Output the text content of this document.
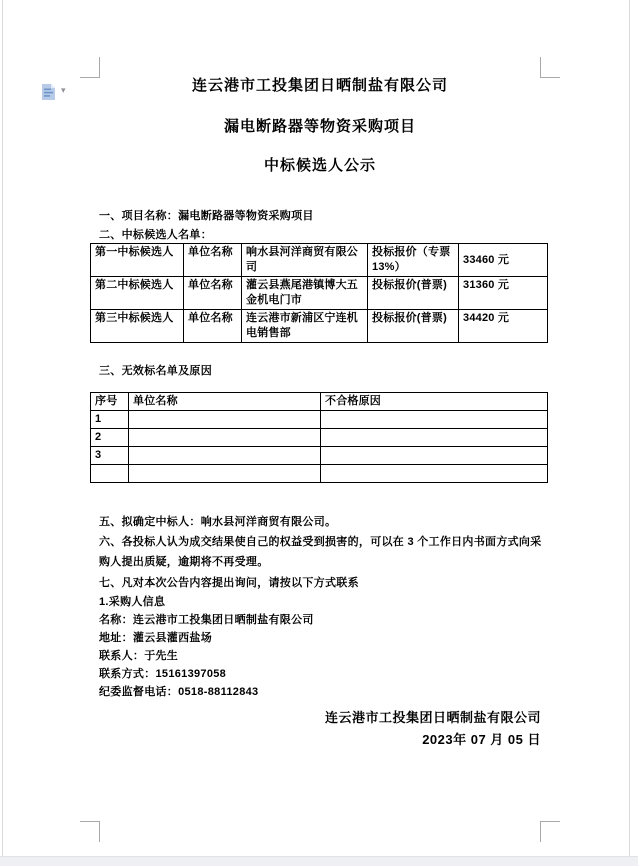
▾	连云港市工投集团日晒制盐有限公司
漏电断路器等物资采购项目
中标候选人公示
一、项目名称：漏电断路器等物资采购项目
二、中标候选人名单：
第一中标候选人	单位名称	响水县河洋商贸有限公司	投标报价（专票13%）	33460 元
第二中标候选人	单位名称	灌云县燕尾港镇博大五金机电门市	投标报价(普票)	31360 元
第三中标候选人	单位名称	连云港市新浦区宁连机电销售部	投标报价(普票)	34420 元
三、无效标名单及原因
序号	单位名称	不合格原因
1		
2		
3		

五、拟确定中标人：响水县河洋商贸有限公司。
六、各投标人认为成交结果使自己的权益受到损害的，可以在 3 个工作日内书面方式向采购人提出质疑，逾期将不再受理。
七、凡对本次公告内容提出询问，请按以下方式联系
1.采购人信息
名称：连云港市工投集团日晒制盐有限公司
地址：灌云县灌西盐场
联系人：于先生
联系方式：15161397058
纪委监督电话：0518-88112843
连云港市工投集团日晒制盐有限公司
2023年 07 月 05 日
